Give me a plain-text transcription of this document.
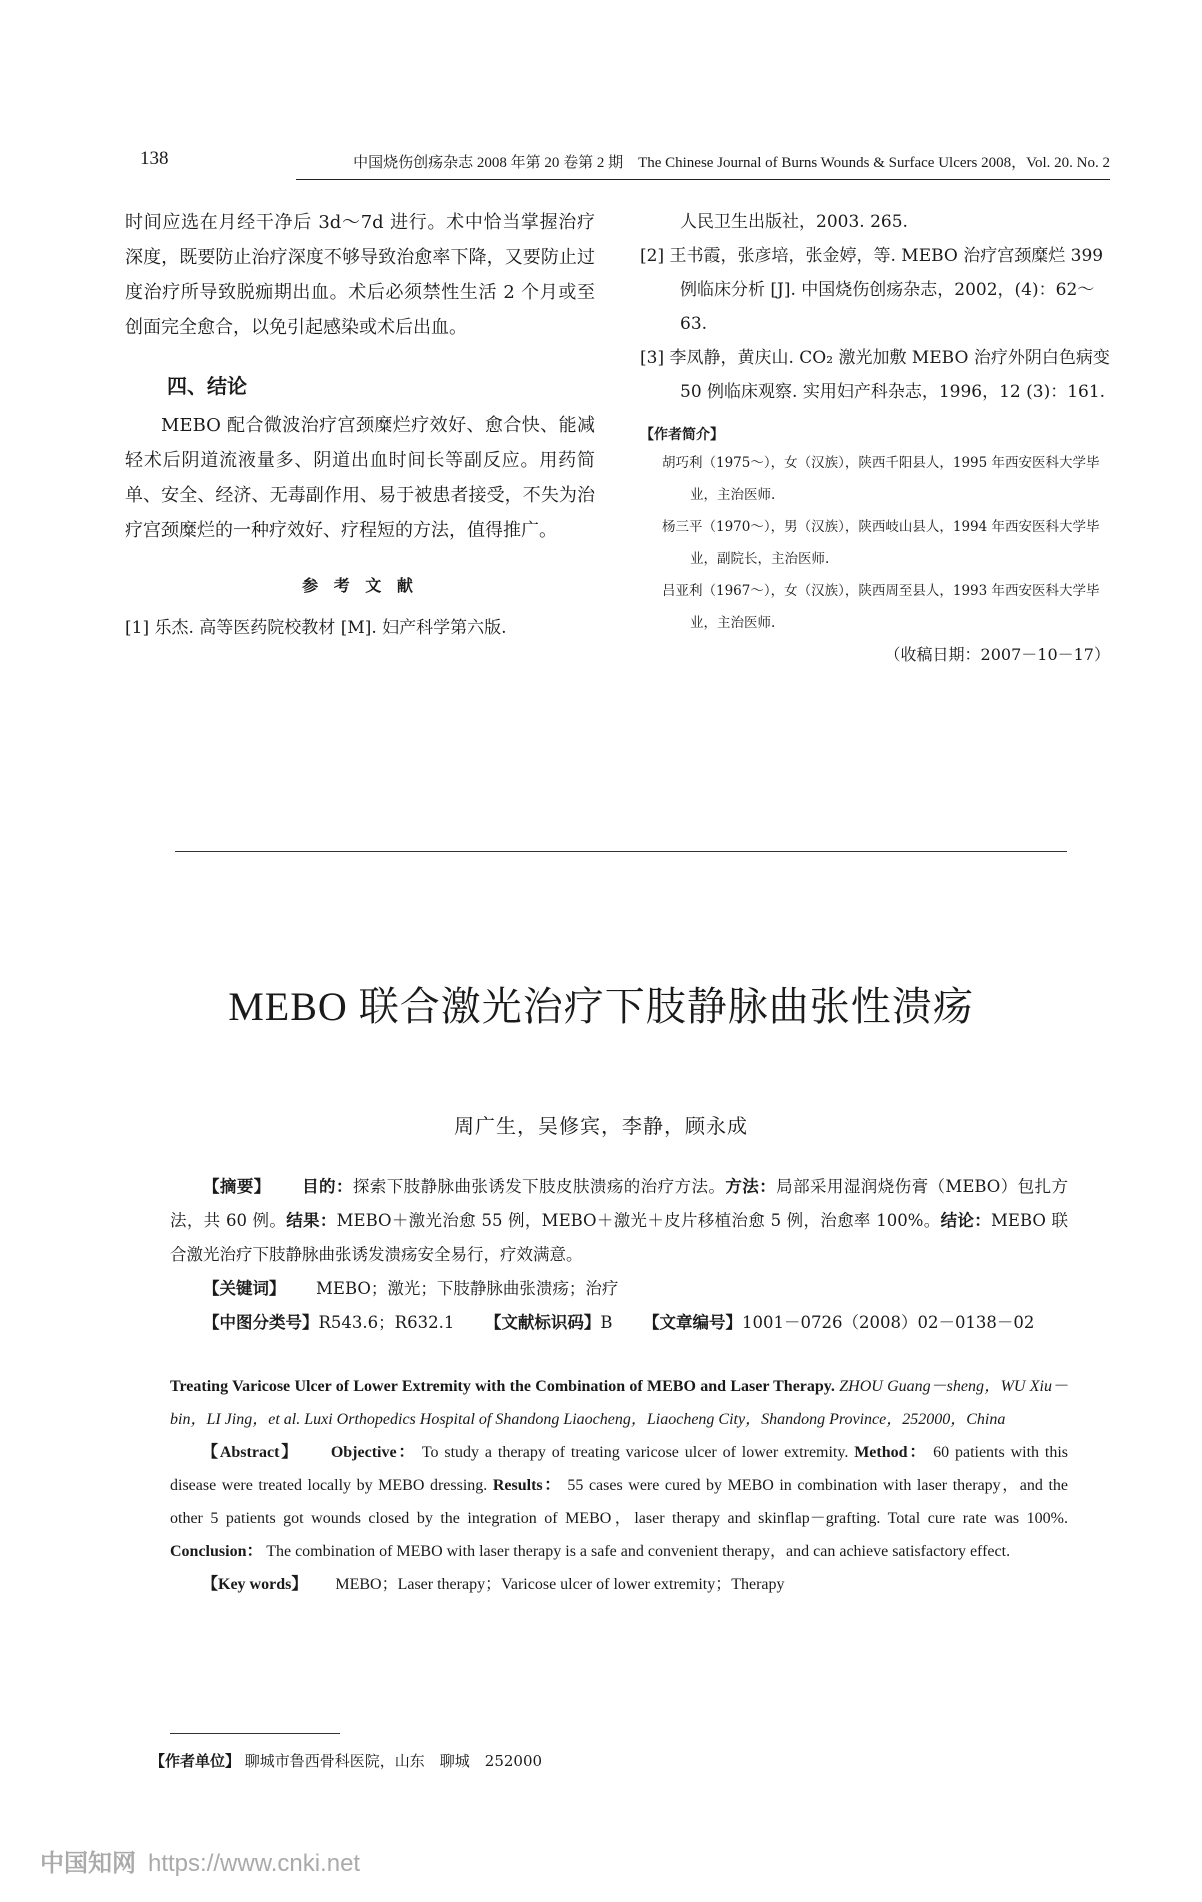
138	中国烧伤创疡杂志 2008 年第 20 卷第 2 期　The Chinese Journal of Burns Wounds & Surface Ulcers 2008，Vol. 20. No. 2

时间应选在月经干净后 3d～7d 进行。术中恰当掌握治疗深度，既要防止治疗深度不够导致治愈率下降，又要防止过度治疗所导致脱痂期出血。术后必须禁性生活 2 个月或至创面完全愈合，以免引起感染或术后出血。

四、结论

MEBO 配合微波治疗宫颈糜烂疗效好、愈合快、能减轻术后阴道流液量多、阴道出血时间长等副反应。用药简单、安全、经济、无毒副作用、易于被患者接受，不失为治疗宫颈糜烂的一种疗效好、疗程短的方法，值得推广。

参 考 文 献

[1] 乐杰. 高等医药院校教材 [M]. 妇产科学第六版.

人民卫生出版社，2003. 265.

[2] 王书霞，张彦培，张金婷，等. MEBO 治疗宫颈糜烂 399 例临床分析 [J]. 中国烧伤创疡杂志，2002，(4)：62～63.

[3] 李凤静，黄庆山. CO₂ 激光加敷 MEBO 治疗外阴白色病变 50 例临床观察. 实用妇产科杂志，1996，12 (3)：161.

【作者简介】

胡巧利（1975～），女（汉族），陕西千阳县人，1995 年西安医科大学毕业，主治医师.

杨三平（1970～），男（汉族），陕西岐山县人，1994 年西安医科大学毕业，副院长，主治医师.

吕亚利（1967～），女（汉族），陕西周至县人，1993 年西安医科大学毕业，主治医师.

（收稿日期：2007－10－17）

MEBO 联合激光治疗下肢静脉曲张性溃疡
周广生，吴修宾，李静，顾永成

【摘要】 目的：探索下肢静脉曲张诱发下肢皮肤溃疡的治疗方法。方法：局部采用湿润烧伤膏（MEBO）包扎方法，共 60 例。结果：MEBO＋激光治愈 55 例，MEBO＋激光＋皮片移植治愈 5 例，治愈率 100%。结论：MEBO 联合激光治疗下肢静脉曲张诱发溃疡安全易行，疗效满意。

【关键词】 MEBO；激光；下肢静脉曲张溃疡；治疗

【中图分类号】R543.6；R632.1 【文献标识码】B 【文章编号】1001－0726（2008）02－0138－02

Treating Varicose Ulcer of Lower Extremity with the Combination of MEBO and Laser Therapy. ZHOU Guang－sheng，WU Xiu－bin，LI Jing，et al. Luxi Orthopedics Hospital of Shandong Liaocheng，Liaocheng City，Shandong Province，252000，China

【Abstract】 Objective： To study a therapy of treating varicose ulcer of lower extremity. Method： 60 patients with this disease were treated locally by MEBO dressing. Results： 55 cases were cured by MEBO in combination with laser therapy，and the other 5 patients got wounds closed by the integration of MEBO，laser therapy and skinflap－grafting. Total cure rate was 100%. Conclusion： The combination of MEBO with laser therapy is a safe and convenient therapy，and can achieve satisfactory effect.

【Key words】 MEBO；Laser therapy；Varicose ulcer of lower extremity；Therapy

【作者单位】 聊城市鲁西骨科医院，山东　聊城　252000
中国知网 https://www.cnki.net
